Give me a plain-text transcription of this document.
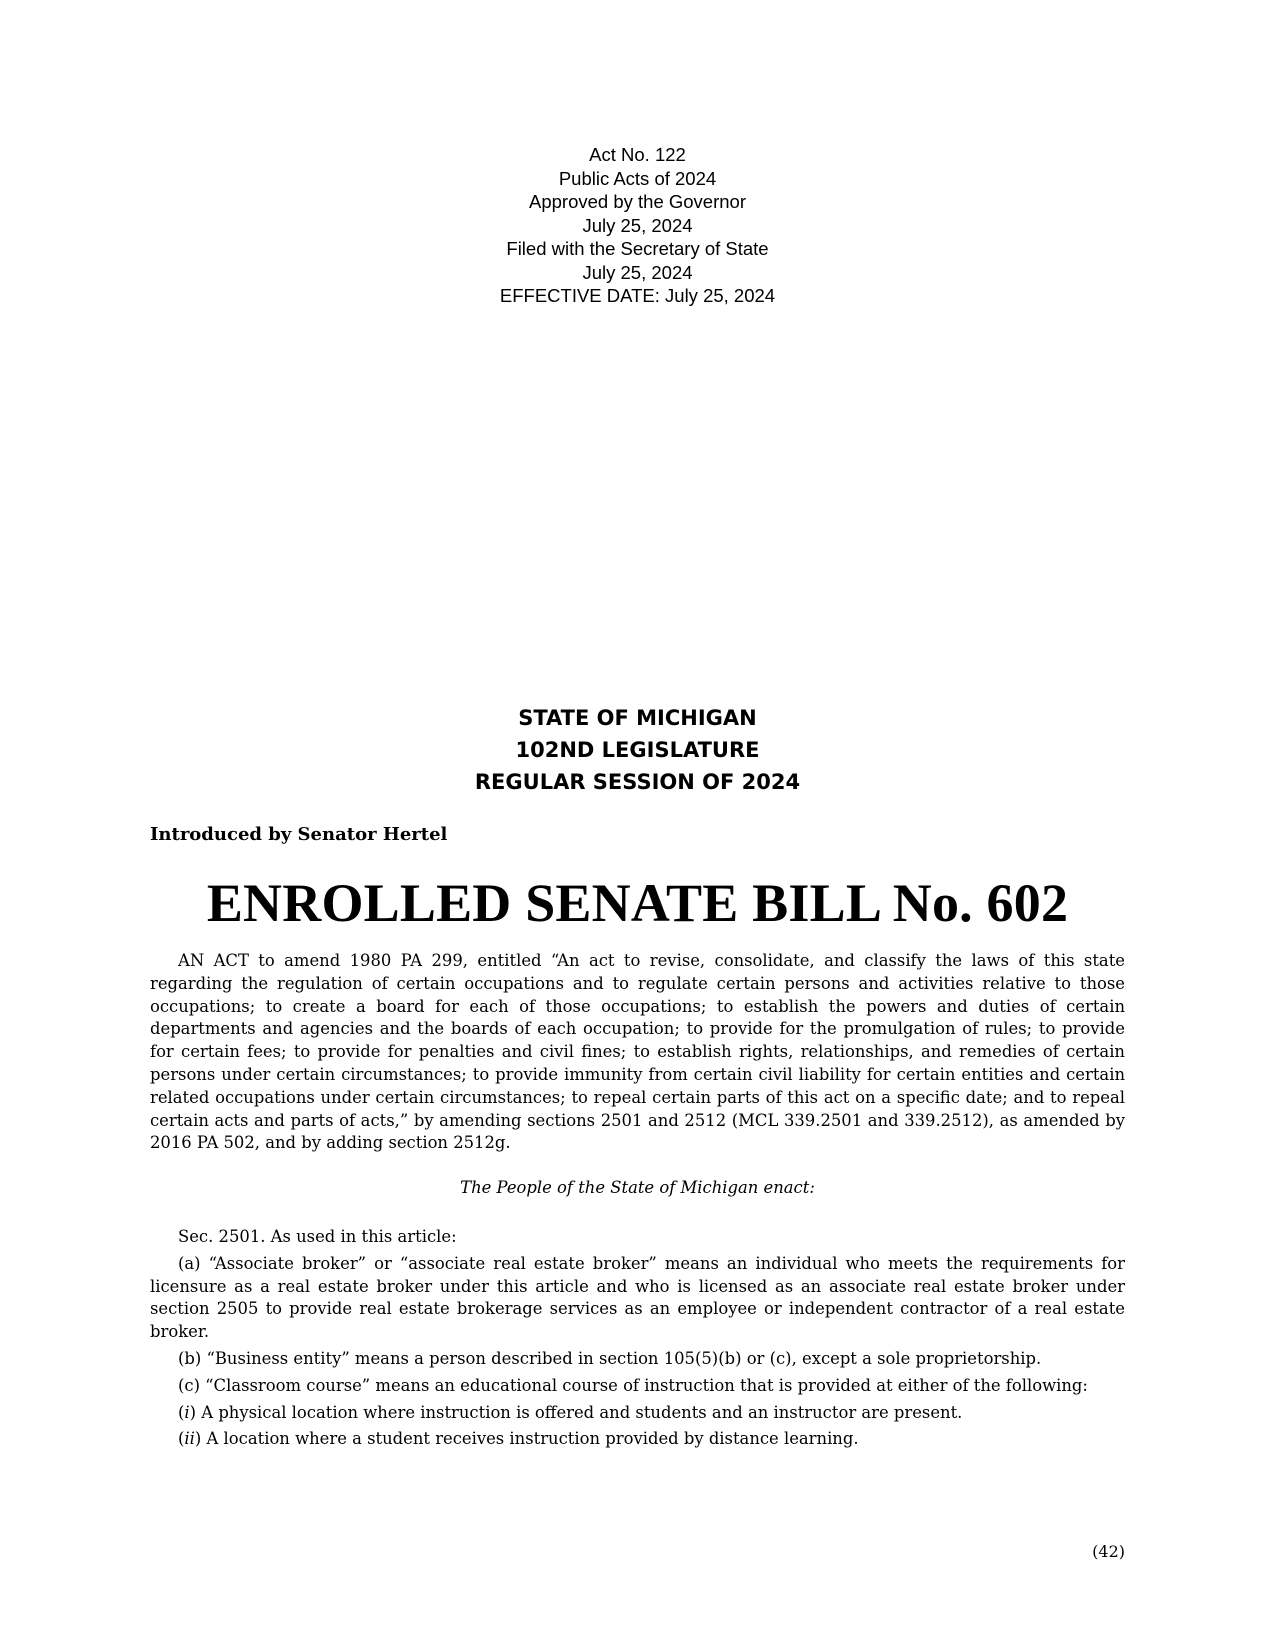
Act No. 122
Public Acts of 2024
Approved by the Governor
July 25, 2024
Filed with the Secretary of State
July 25, 2024
EFFECTIVE DATE: July 25, 2024
STATE OF MICHIGAN
102ND LEGISLATURE
REGULAR SESSION OF 2024
Introduced by Senator Hertel
ENROLLED SENATE BILL No. 602

AN ACT to amend 1980 PA 299, entitled “An act to revise, consolidate, and classify the laws of this state regarding the regulation of certain occupations and to regulate certain persons and activities relative to those occupations; to create a board for each of those occupations; to establish the powers and duties of certain departments and agencies and the boards of each occupation; to provide for the promulgation of rules; to provide for certain fees; to provide for penalties and civil fines; to establish rights, relationships, and remedies of certain persons under certain circumstances; to provide immunity from certain civil liability for certain entities and certain related occupations under certain circumstances; to repeal certain parts of this act on a specific date; and to repeal certain acts and parts of acts,” by amending sections 2501 and 2512 (MCL 339.2501 and 339.2512), as amended by 2016 PA 502, and by adding section 2512g.

The People of the State of Michigan enact:

Sec. 2501. As used in this article:

(a) “Associate broker” or “associate real estate broker” means an individual who meets the requirements for licensure as a real estate broker under this article and who is licensed as an associate real estate broker under section 2505 to provide real estate brokerage services as an employee or independent contractor of a real estate broker.

(b) “Business entity” means a person described in section 105(5)(b) or (c), except a sole proprietorship.

(c) “Classroom course” means an educational course of instruction that is provided at either of the following:

(i) A physical location where instruction is offered and students and an instructor are present.

(ii) A location where a student receives instruction provided by distance learning.

(42)
